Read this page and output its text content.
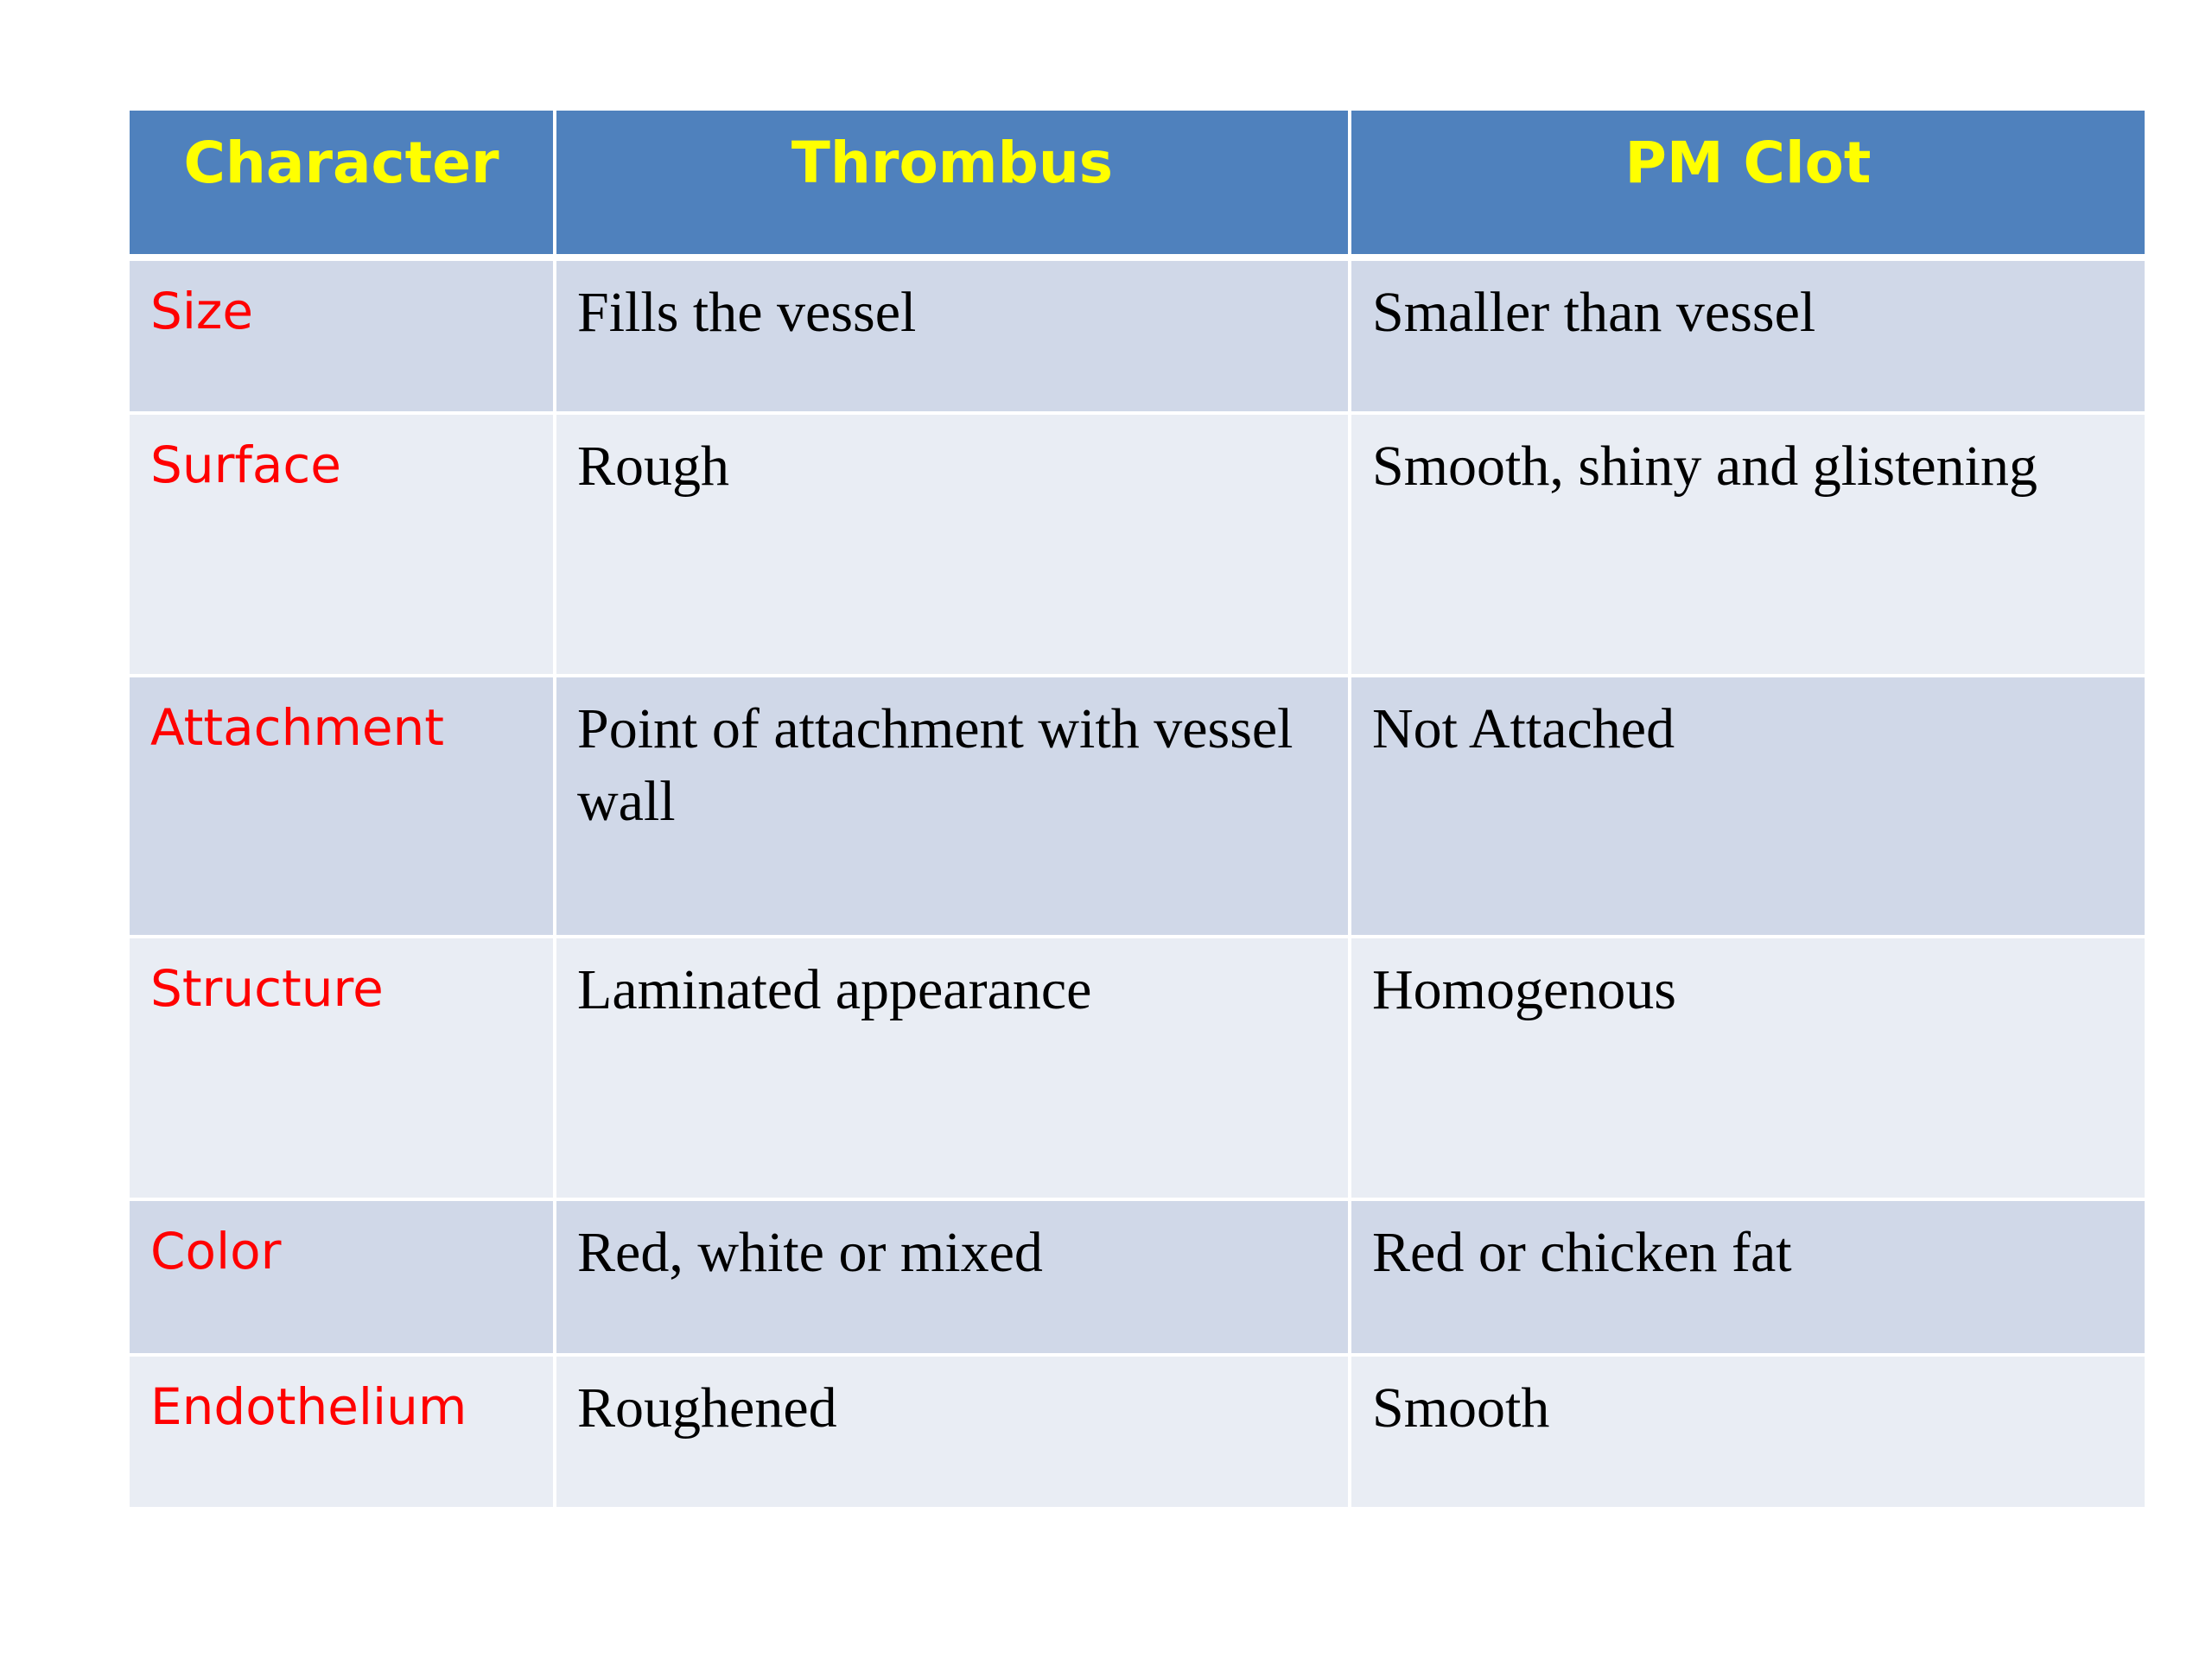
Character	Thrombus	PM Clot
Size	Fills the vessel	Smaller than vessel
Surface	Rough	Smooth, shiny and glistening
Attachment	Point of attachment with vessel wall	Not Attached
Structure	Laminated appearance	Homogenous
Color	Red, white or mixed	Red or chicken fat
Endothelium	Roughened	Smooth
